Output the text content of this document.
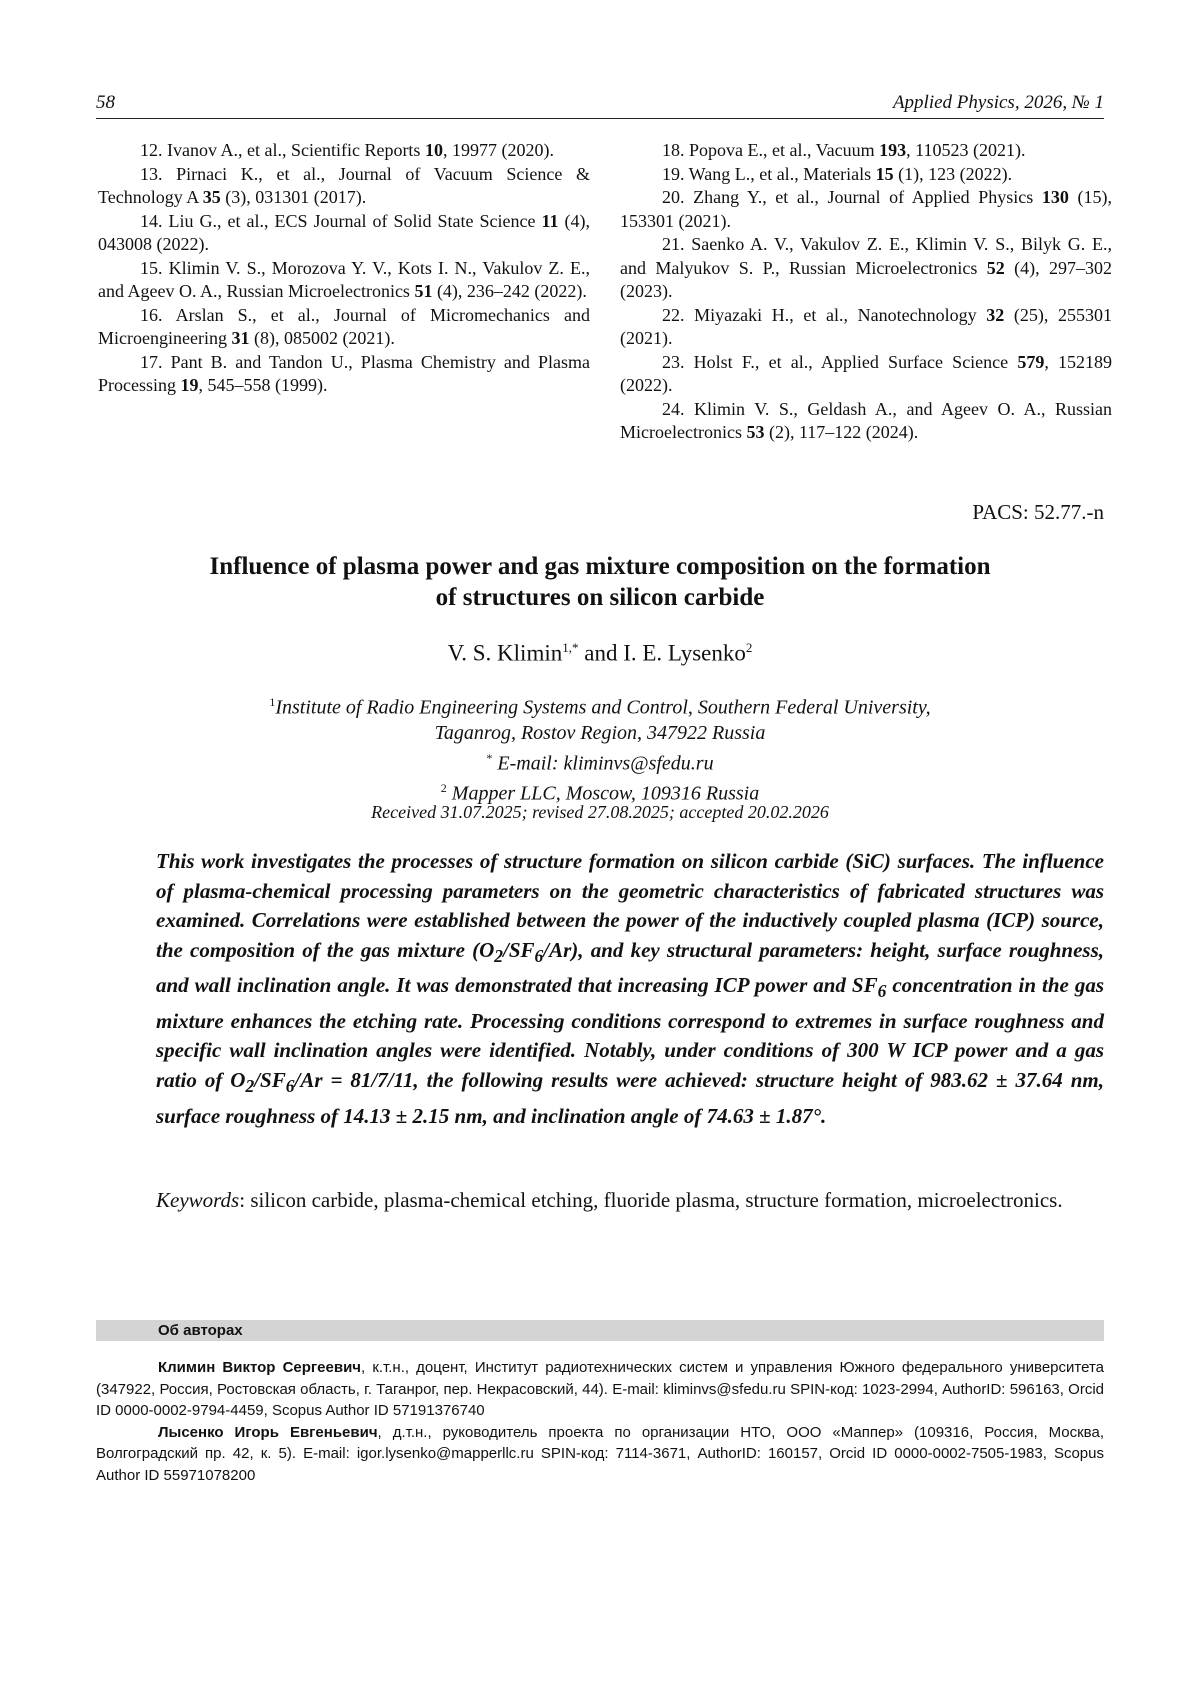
58	Applied Physics, 2026, № 1

12. Ivanov A., et al., Scientific Reports 10, 19977 (2020).

13. Pirnaci K., et al., Journal of Vacuum Science & Technology A 35 (3), 031301 (2017).

14. Liu G., et al., ECS Journal of Solid State Science 11 (4), 043008 (2022).

15. Klimin V. S., Morozova Y. V., Kots I. N., Vakulov Z. E., and Ageev O. A., Russian Microelectronics 51 (4), 236–242 (2022).

16. Arslan S., et al., Journal of Micromechanics and Microengineering 31 (8), 085002 (2021).

17. Pant B. and Tandon U., Plasma Chemistry and Plasma Processing 19, 545–558 (1999).

18. Popova E., et al., Vacuum 193, 110523 (2021).

19. Wang L., et al., Materials 15 (1), 123 (2022).

20. Zhang Y., et al., Journal of Applied Physics 130 (15), 153301 (2021).

21. Saenko A. V., Vakulov Z. E., Klimin V. S., Bilyk G. E., and Malyukov S. P., Russian Microelectronics 52 (4), 297–302 (2023).

22. Miyazaki H., et al., Nanotechnology 32 (25), 255301 (2021).

23. Holst F., et al., Applied Surface Science 579, 152189 (2022).

24. Klimin V. S., Geldash A., and Ageev O. A., Russian Microelectronics 53 (2), 117–122 (2024).

PACS: 52.77.-n
Influence of plasma power and gas mixture composition on the formation
of structures on silicon carbide
V. S. Klimin$^{1,*}$ and I. E. Lysenko$^2$
$^1$Institute of Radio Engineering Systems and Control, Southern Federal University,
Taganrog, Rostov Region, 347922 Russia
* E-mail: kliminvs@sfedu.ru
$^2$ Mapper LLC, Moscow, 109316 Russia
Received 31.07.2025; revised 27.08.2025; accepted 20.02.2026
This work investigates the processes of structure formation on silicon carbide (SiC) surfaces. The influence of plasma-chemical processing parameters on the geometric characteristics of fabricated structures was examined. Correlations were established between the power of the inductively coupled plasma (ICP) source, the composition of the gas mixture $(O_2/SF_6/Ar)$, and key structural parameters: height, surface roughness, and wall inclination angle. It was demonstrated that increasing ICP power and $SF_6$ concentration in the gas mixture enhances the etching rate. Processing conditions correspond to extremes in surface roughness and specific wall inclination angles were identified. Notably, under conditions of 300 W ICP power and a gas ratio of $O_2/SF_6/Ar = 81/7/11$, the following results were achieved: structure height of 983.62 ± 37.64 nm, surface roughness of 14.13 ± 2.15 nm, and inclination angle of 74.63 ± 1.87°.
Keywords: silicon carbide, plasma-chemical etching, fluoride plasma, structure formation, microelectronics.
Об авторах

Климин Виктор Сергеевич, к.т.н., доцент, Институт радиотехнических систем и управления Южного федерального университета (347922, Россия, Ростовская область, г. Таганрог, пер. Некрасовский, 44). E-mail: kliminvs@sfedu.ru SPIN-код: 1023-2994, AuthorID: 596163, Orcid ID 0000-0002-9794-4459, Scopus Author ID 57191376740

Лысенко Игорь Евгеньевич, д.т.н., руководитель проекта по организации НТО, ООО «Маппер» (109316, Россия, Москва, Волгоградский пр. 42, к. 5). E-mail: igor.lysenko@mapperllc.ru SPIN-код: 7114-3671, AuthorID: 160157, Orcid ID 0000-0002-7505-1983, Scopus Author ID 55971078200
